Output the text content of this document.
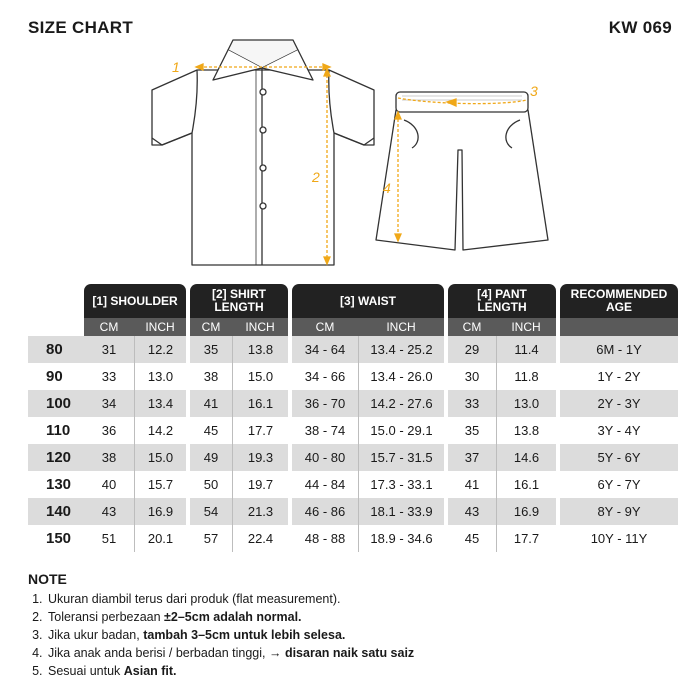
SIZE CHART	KW 069
1
2
3
4
	[1] SHOULDER			[2] SHIRT
LENGTH			[3] WAIST			[4] PANT
LENGTH			RECOMMENDED
AGE
	CM	INCH		CM	INCH		CM	INCH		CM	INCH		
80	31	12.2		35	13.8		34 - 64	13.4 - 25.2		29	11.4		6M - 1Y
90	33	13.0		38	15.0		34 - 66	13.4 - 26.0		30	11.8		1Y - 2Y
100	34	13.4		41	16.1		36 - 70	14.2 - 27.6		33	13.0		2Y - 3Y
110	36	14.2		45	17.7		38 - 74	15.0 - 29.1		35	13.8		3Y - 4Y
120	38	15.0		49	19.3		40 - 80	15.7 - 31.5		37	14.6		5Y - 6Y
130	40	15.7		50	19.7		44 - 84	17.3 - 33.1		41	16.1		6Y - 7Y
140	43	16.9		54	21.3		46 - 86	18.1 - 33.9		43	16.9		8Y - 9Y
150	51	20.1		57	22.4		48 - 88	18.9 - 34.6		45	17.7		10Y - 11Y
NOTE
1. Ukuran diambil terus dari produk (flat measurement).
2. Toleransi perbezaan ±2–5cm adalah normal.
3. Jika ukur badan, tambah 3–5cm untuk lebih selesa.
4. Jika anak anda berisi / berbadan tinggi, → disaran naik satu saiz
5. Sesuai untuk Asian fit.
